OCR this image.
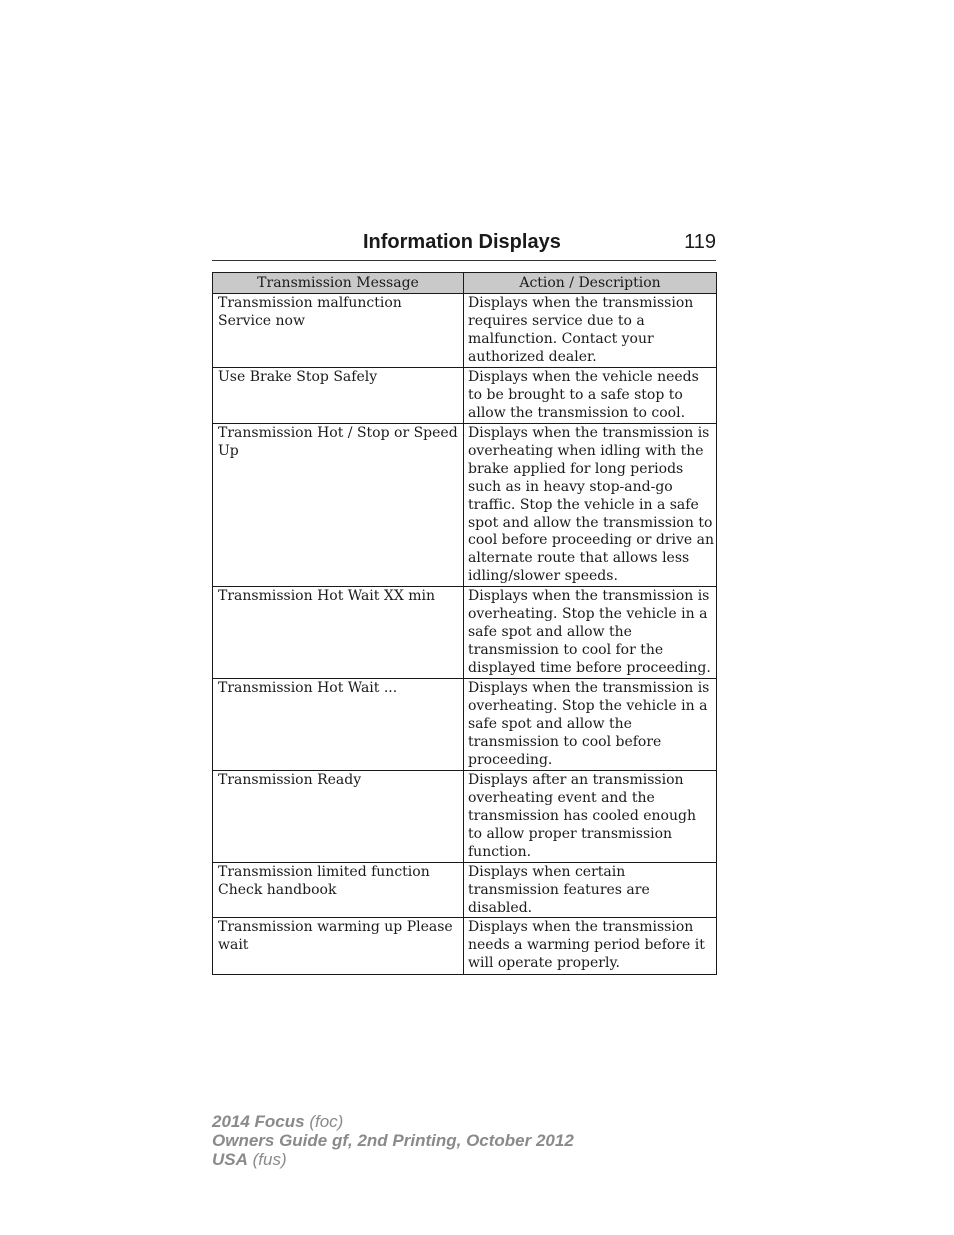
Information Displays	119
Transmission Message	Action / Description
Transmission malfunction Service now	Displays when the transmission requires service due to a malfunction. Contact your authorized dealer.
Use Brake Stop Safely	Displays when the vehicle needs to be brought to a safe stop to allow the transmission to cool.
Transmission Hot / Stop or Speed Up	Displays when the transmission is overheating when idling with the brake applied for long periods such as in heavy stop-and-go traffic. Stop the vehicle in a safe spot and allow the transmission to cool before proceeding or drive an alternate route that allows less idling/slower speeds.
Transmission Hot Wait XX min	Displays when the transmission is overheating. Stop the vehicle in a safe spot and allow the transmission to cool for the displayed time before proceeding.
Transmission Hot Wait ...	Displays when the transmission is overheating. Stop the vehicle in a safe spot and allow the transmission to cool before proceeding.
Transmission Ready	Displays after an transmission overheating event and the transmission has cooled enough to allow proper transmission function.
Transmission limited function Check handbook	Displays when certain transmission features are disabled.
Transmission warming up Please wait	Displays when the transmission needs a warming period before it will operate properly.
2014 Focus (foc)
Owners Guide gf, 2nd Printing, October 2012
USA (fus)
